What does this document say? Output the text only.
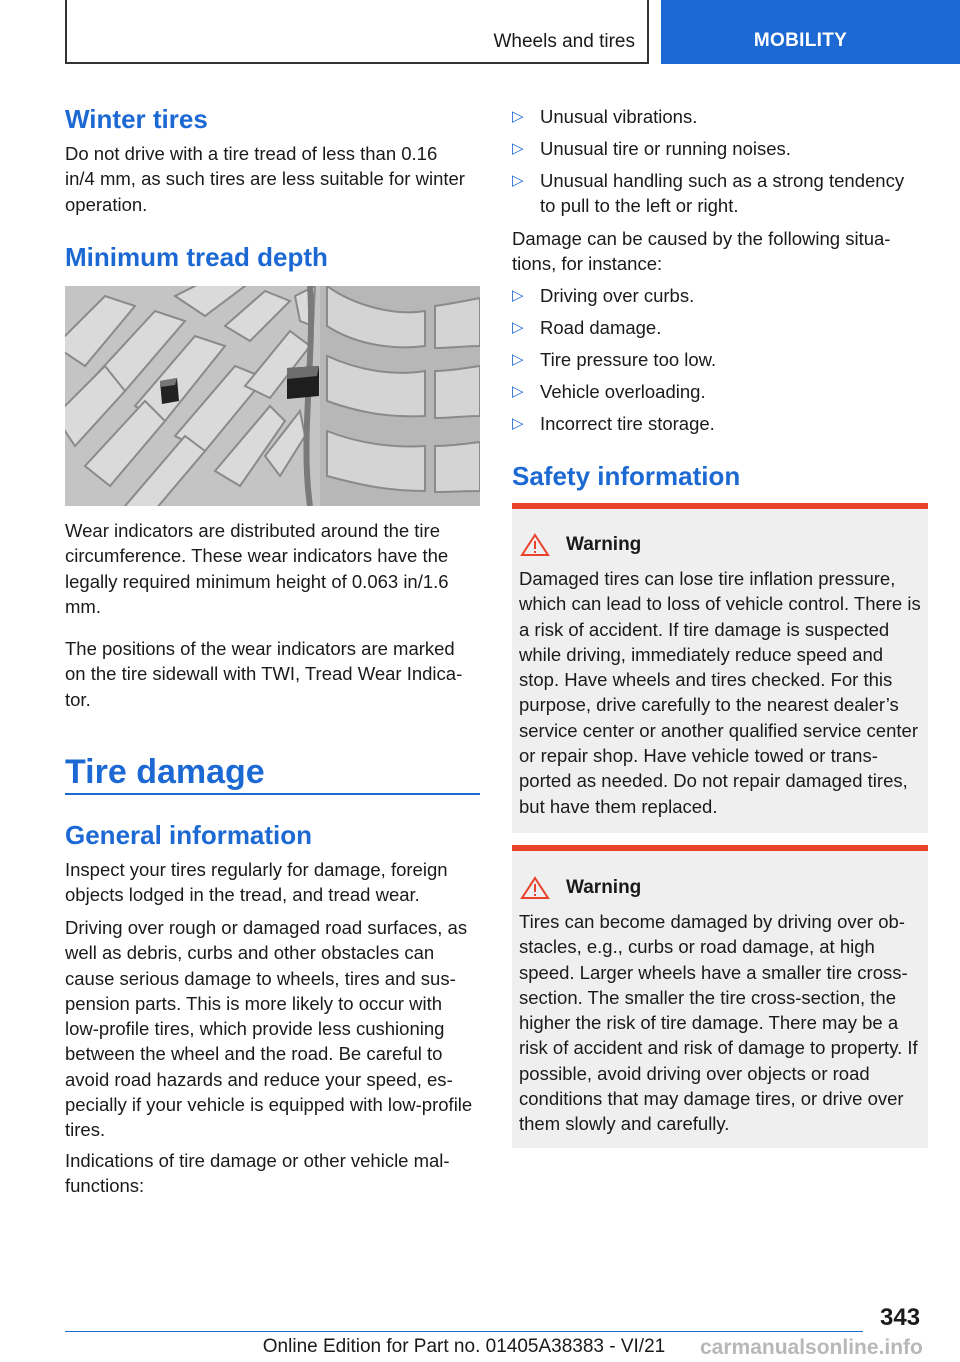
Wheels and tires	MOBILITY
Winter tires

Do not drive with a tire tread of less than 0.16 in/4 mm, as such tires are less suitable for winter operation.

Minimum tread depth

Wear indicators are distributed around the tire circumference. These wear indicators have the legally required minimum height of 0.063 in/1.6 mm.

The positions of the wear indicators are marked on the tire sidewall with TWI, Tread Wear Indicator.

Tire damage
General information

Inspect your tires regularly for damage, foreign objects lodged in the tread, and tread wear.

Driving over rough or damaged road surfaces, as well as debris, curbs and other obstacles can cause serious damage to wheels, tires and suspension parts. This is more likely to occur with low-profile tires, which provide less cushioning between the wheel and the road. Be careful to avoid road hazards and reduce your speed, especially if your vehicle is equipped with low-profile tires.

Indications of tire damage or other vehicle malfunctions:

▷ Unusual vibrations.
▷ Unusual tire or running noises.
▷ Unusual handling such as a strong tendency to pull to the left or right.

Damage can be caused by the following situations, for instance:

▷ Driving over curbs.
▷ Road damage.
▷ Tire pressure too low.
▷ Vehicle overloading.
▷ Incorrect tire storage.
Safety information
Warning

Damaged tires can lose tire inflation pressure, which can lead to loss of vehicle control. There is a risk of accident. If tire damage is suspected while driving, immediately reduce speed and stop. Have wheels and tires checked. For this purpose, drive carefully to the nearest dealer’s service center or another qualified service center or repair shop. Have vehicle towed or transported as needed. Do not repair damaged tires, but have them replaced.

Warning

Tires can become damaged by driving over obstacles, e.g., curbs or road damage, at high speed. Larger wheels have a smaller tire cross-section. The smaller the tire cross-section, the higher the risk of tire damage. There may be a risk of accident and risk of damage to property. If possible, avoid driving over objects or road conditions that may damage tires, or drive over them slowly and carefully.

343
Online Edition for Part no. 01405A38383 - VI/21	carmanualsonline.info
